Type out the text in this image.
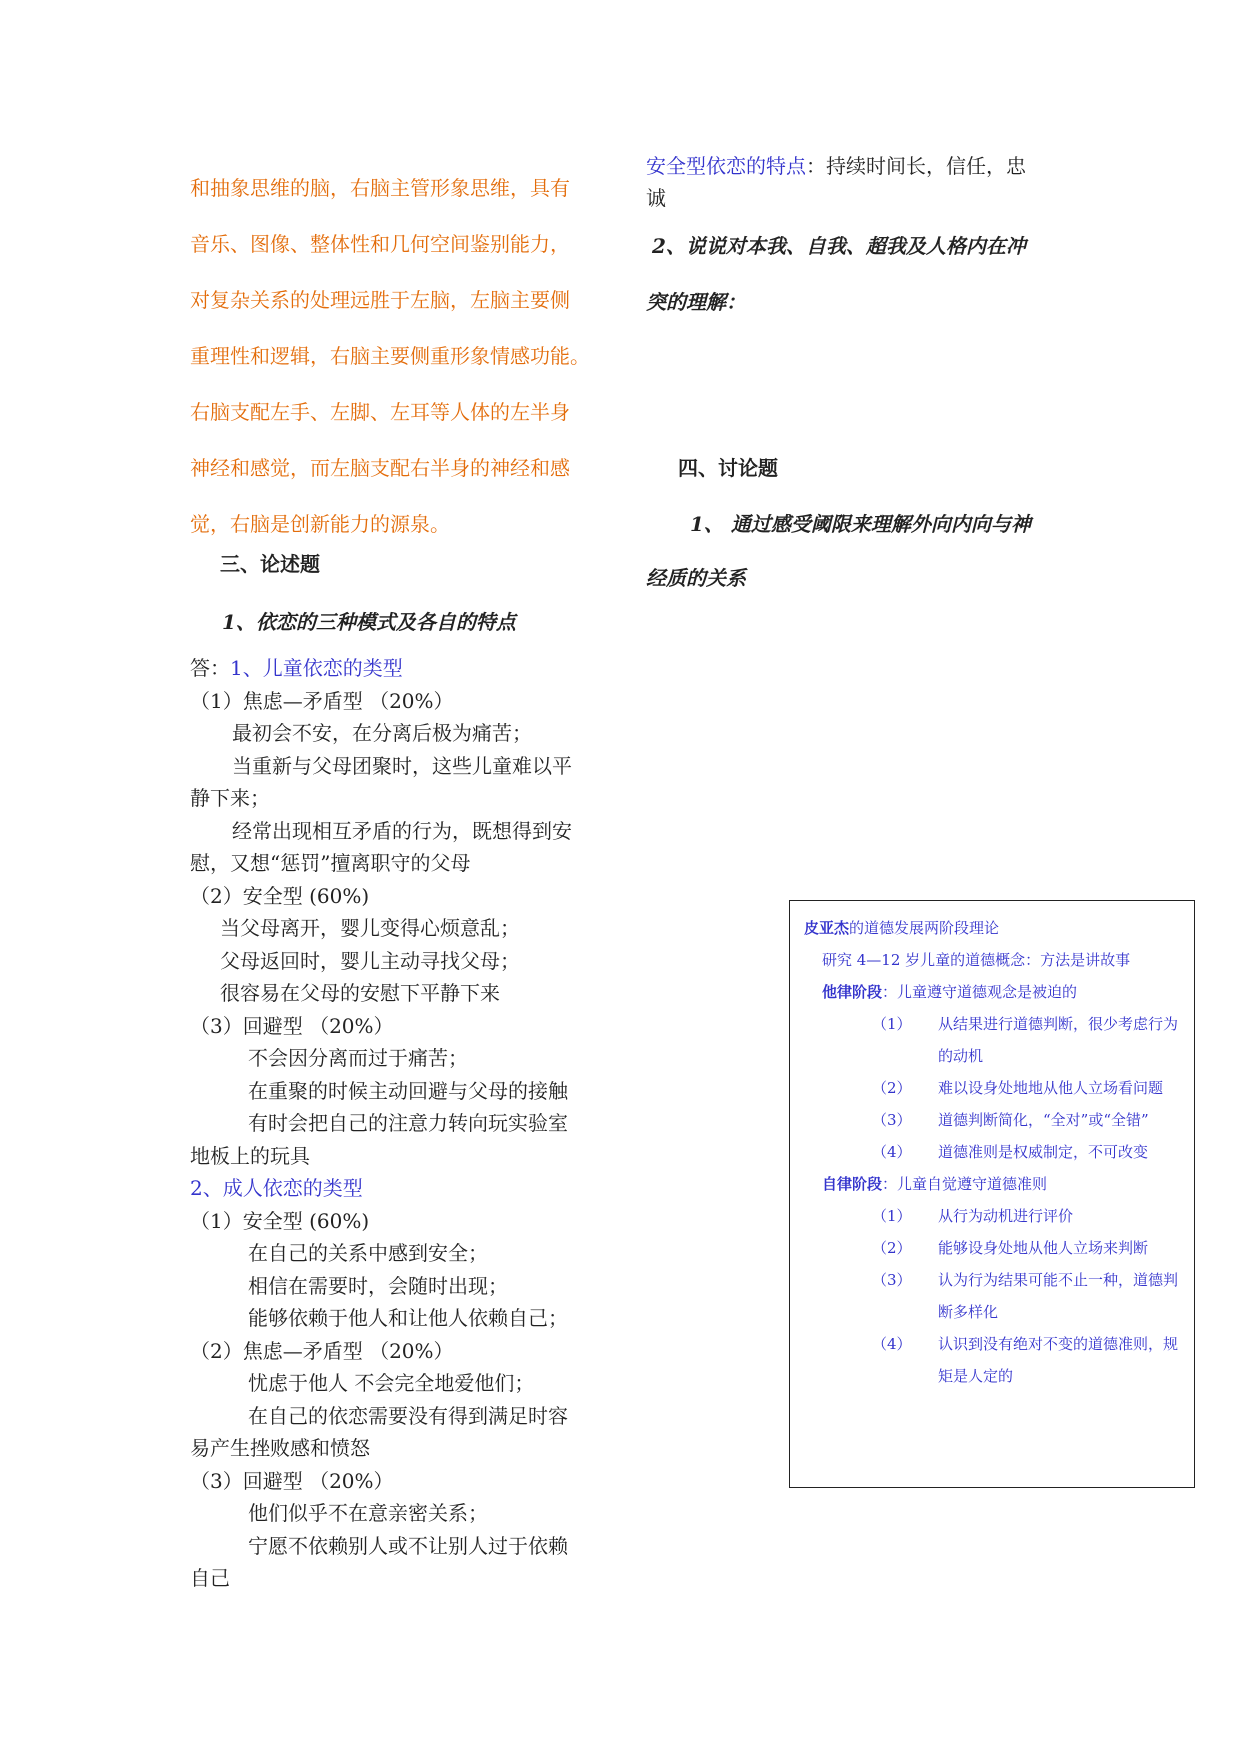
和抽象思维的脑，右脑主管形象思维，具有
音乐、图像、整体性和几何空间鉴别能力，
对复杂关系的处理远胜于左脑，左脑主要侧
重理性和逻辑，右脑主要侧重形象情感功能。
右脑支配左手、左脚、左耳等人体的左半身
神经和感觉，而左脑支配右半身的神经和感
觉，右脑是创新能力的源泉。
三、论述题
1、依恋的三种模式及各自的特点
答：1、儿童依恋的类型
（1）焦虑—矛盾型 （20%）
最初会不安，在分离后极为痛苦；
当重新与父母团聚时，这些儿童难以平
静下来；
经常出现相互矛盾的行为，既想得到安
慰，又想“惩罚”擅离职守的父母
（2）安全型 (60%)
当父母离开，婴儿变得心烦意乱；
父母返回时，婴儿主动寻找父母；
很容易在父母的安慰下平静下来
（3）回避型 （20%）
不会因分离而过于痛苦；
在重聚的时候主动回避与父母的接触
有时会把自己的注意力转向玩实验室
地板上的玩具
2、成人依恋的类型
（1）安全型 (60%)
在自己的关系中感到安全；
相信在需要时，会随时出现；
能够依赖于他人和让他人依赖自己；
（2）焦虑—矛盾型 （20%）
忧虑于他人 不会完全地爱他们；
在自己的依恋需要没有得到满足时容
易产生挫败感和愤怒
（3）回避型 （20%）
他们似乎不在意亲密关系；
宁愿不依赖别人或不让别人过于依赖
自己
安全型依恋的特点：持续时间长，信任，忠
诚
2、说说对本我、自我、超我及人格内在冲
突的理解：
四、讨论题
1、 通过感受阈限来理解外向内向与神
经质的关系
皮亚杰的道德发展两阶段理论
研究 4—12 岁儿童的道德概念：方法是讲故事
他律阶段：儿童遵守道德观念是被迫的
（1） 从结果进行道德判断，很少考虑行为
的动机
（2） 难以设身处地地从他人立场看问题
（3） 道德判断简化，“全对”或“全错”
（4） 道德准则是权威制定，不可改变
自律阶段：儿童自觉遵守道德准则
（1） 从行为动机进行评价
（2） 能够设身处地从他人立场来判断
（3） 认为行为结果可能不止一种，道德判
断多样化
（4） 认识到没有绝对不变的道德准则，规
矩是人定的
